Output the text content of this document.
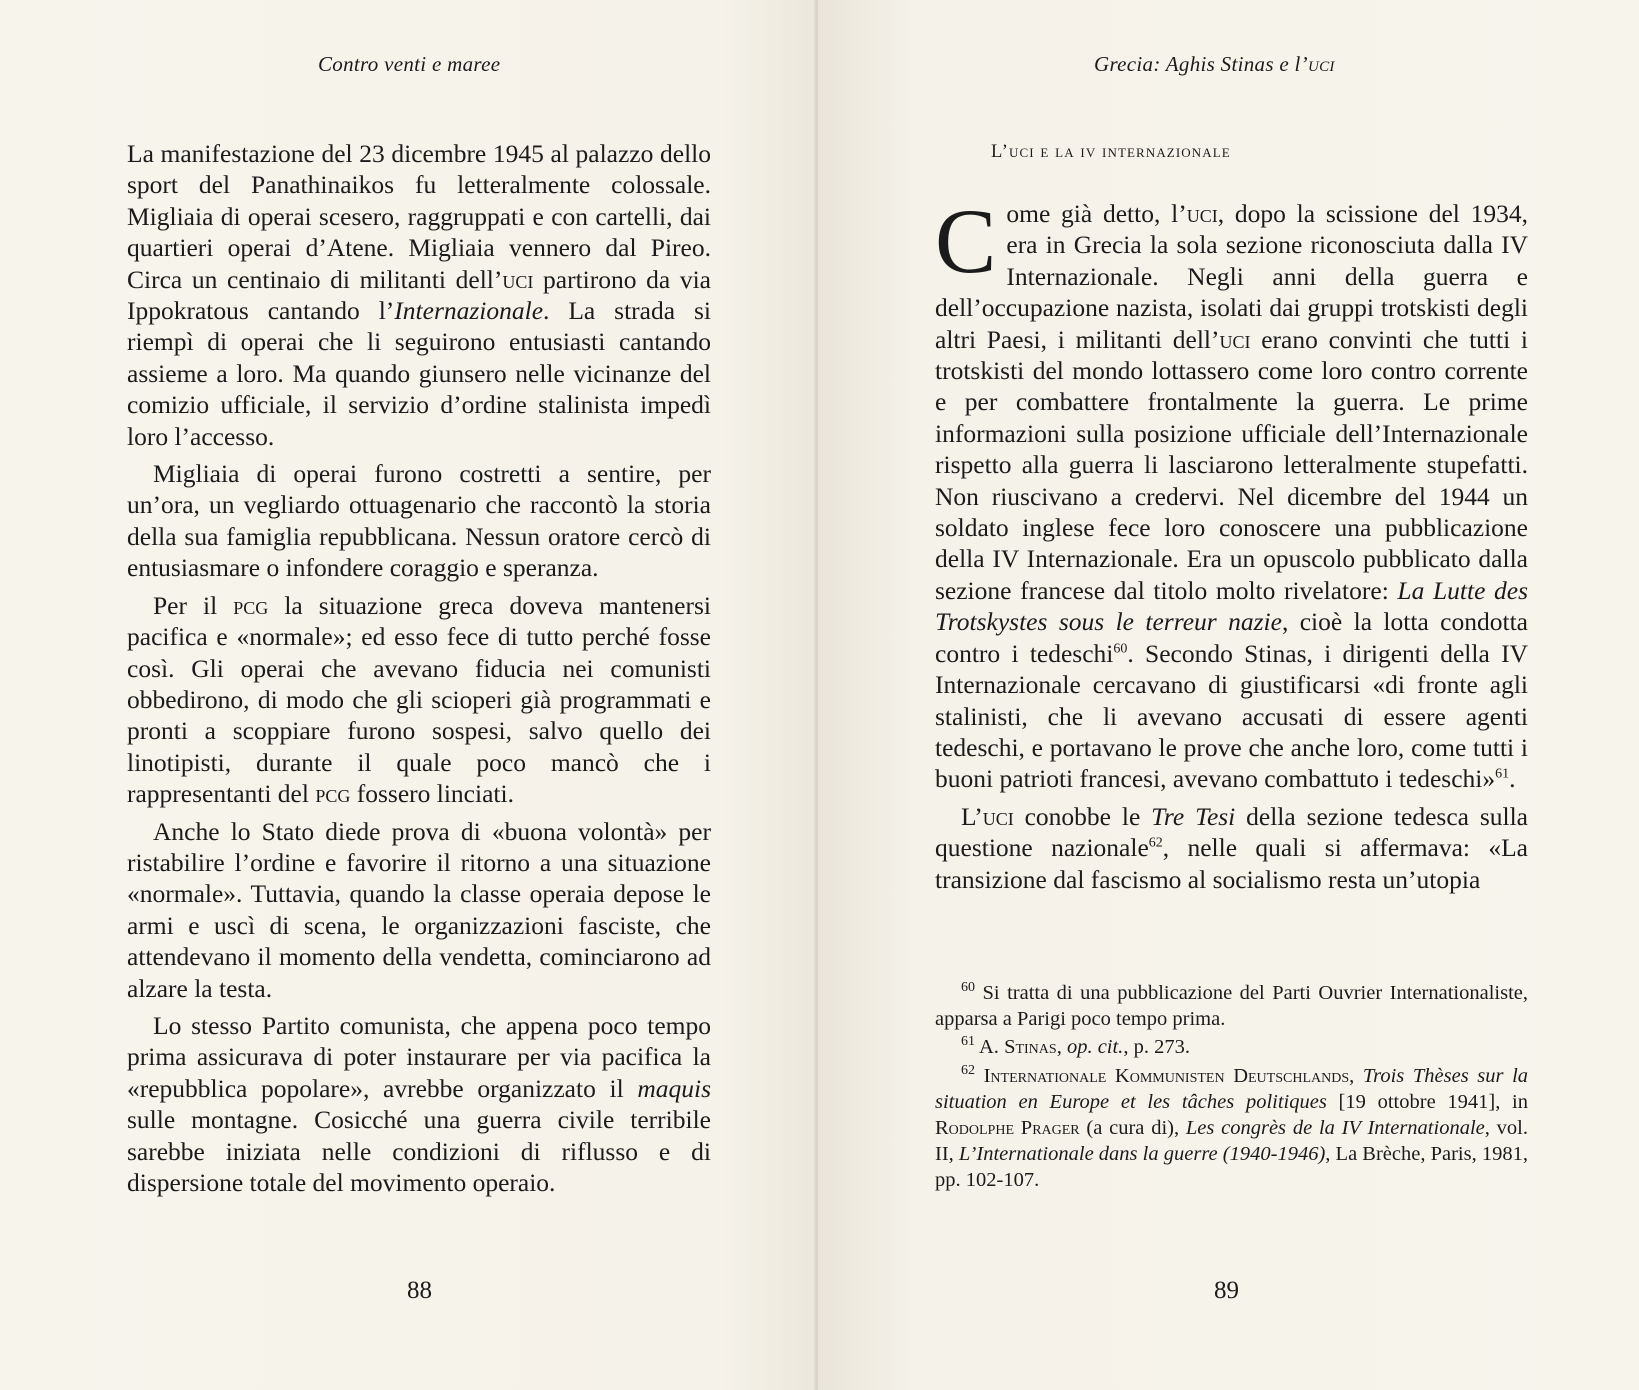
Contro venti e maree

La manifestazione del 23 dicembre 1945 al palazzo dello sport del Panathinaikos fu letteralmente colossale. Migliaia di operai scesero, raggruppati e con cartelli, dai quartieri operai d’Atene. Migliaia vennero dal Pireo. Circa un centinaio di militanti dell’uci partirono da via Ippokratous cantando l’Internazionale. La strada si riempì di operai che li seguirono entusiasti cantando assieme a loro. Ma quando giunsero nelle vicinanze del comizio ufficiale, il servizio d’ordine stalinista impedì loro l’accesso.

Migliaia di operai furono costretti a sentire, per un’ora, un vegliardo ottuagenario che raccontò la storia della sua famiglia repubblicana. Nessun oratore cercò di entusiasmare o infondere coraggio e speranza.

Per il pcg la situazione greca doveva mantenersi pacifica e «normale»; ed esso fece di tutto perché fosse così. Gli operai che avevano fiducia nei comunisti obbedirono, di modo che gli scioperi già programmati e pronti a scoppiare furono sospesi, salvo quello dei linotipisti, durante il quale poco mancò che i rappresentanti del pcg fossero linciati.

Anche lo Stato diede prova di «buona volontà» per ristabilire l’ordine e favorire il ritorno a una situazione «normale». Tuttavia, quando la classe operaia depose le armi e uscì di scena, le organizzazioni fasciste, che attendevano il momento della vendetta, cominciarono ad alzare la testa.

Lo stesso Partito comunista, che appena poco tempo prima assicurava di poter instaurare per via pacifica la «repubblica popolare», avrebbe organizzato il maquis sulle montagne. Cosicché una guerra civile terribile sarebbe iniziata nelle condizioni di riflusso e di dispersione totale del movimento operaio.

88
Grecia: Aghis Stinas e l’uci
L’uci e la iv internazionale

Come già detto, l’uci, dopo la scissione del 1934, era in Grecia la sola sezione riconosciuta dalla IV Internazionale. Negli anni della guerra e dell’occupazione nazista, isolati dai gruppi trotskisti degli altri Paesi, i militanti dell’uci erano convinti che tutti i trotskisti del mondo lottassero come loro contro corrente e per combattere frontalmente la guerra. Le prime informazioni sulla posizione ufficiale dell’Internazionale rispetto alla guerra li lasciarono letteralmente stupefatti. Non riuscivano a credervi. Nel dicembre del 1944 un soldato inglese fece loro conoscere una pubblicazione della IV Internazionale. Era un opuscolo pubblicato dalla sezione francese dal titolo molto rivelatore: La Lutte des Trotskystes sous le terreur nazie, cioè la lotta condotta contro i tedeschi$^{60}$. Secondo Stinas, i dirigenti della IV Internazionale cercavano di giustificarsi «di fronte agli stalinisti, che li avevano accusati di essere agenti tedeschi, e portavano le prove che anche loro, come tutti i buoni patrioti francesi, avevano combattuto i tedeschi»$^{61}$.

L’uci conobbe le Tre Tesi della sezione tedesca sulla questione nazionale$^{62}$, nelle quali si affermava: «La transizione dal fascismo al socialismo resta un’utopia

$^{60}$ Si tratta di una pubblicazione del Parti Ouvrier Internationaliste, apparsa a Parigi poco tempo prima.

$^{61}$ A. Stinas, op. cit., p. 273.

$^{62}$ Internationale Kommunisten Deutschlands, Trois Thèses sur la situation en Europe et les tâches politiques [19 ottobre 1941], in Rodolphe Prager (a cura di), Les congrès de la IV Internationale, vol. II, L’Internationale dans la guerre (1940-1946), La Brèche, Paris, 1981, pp. 102-107.

89
